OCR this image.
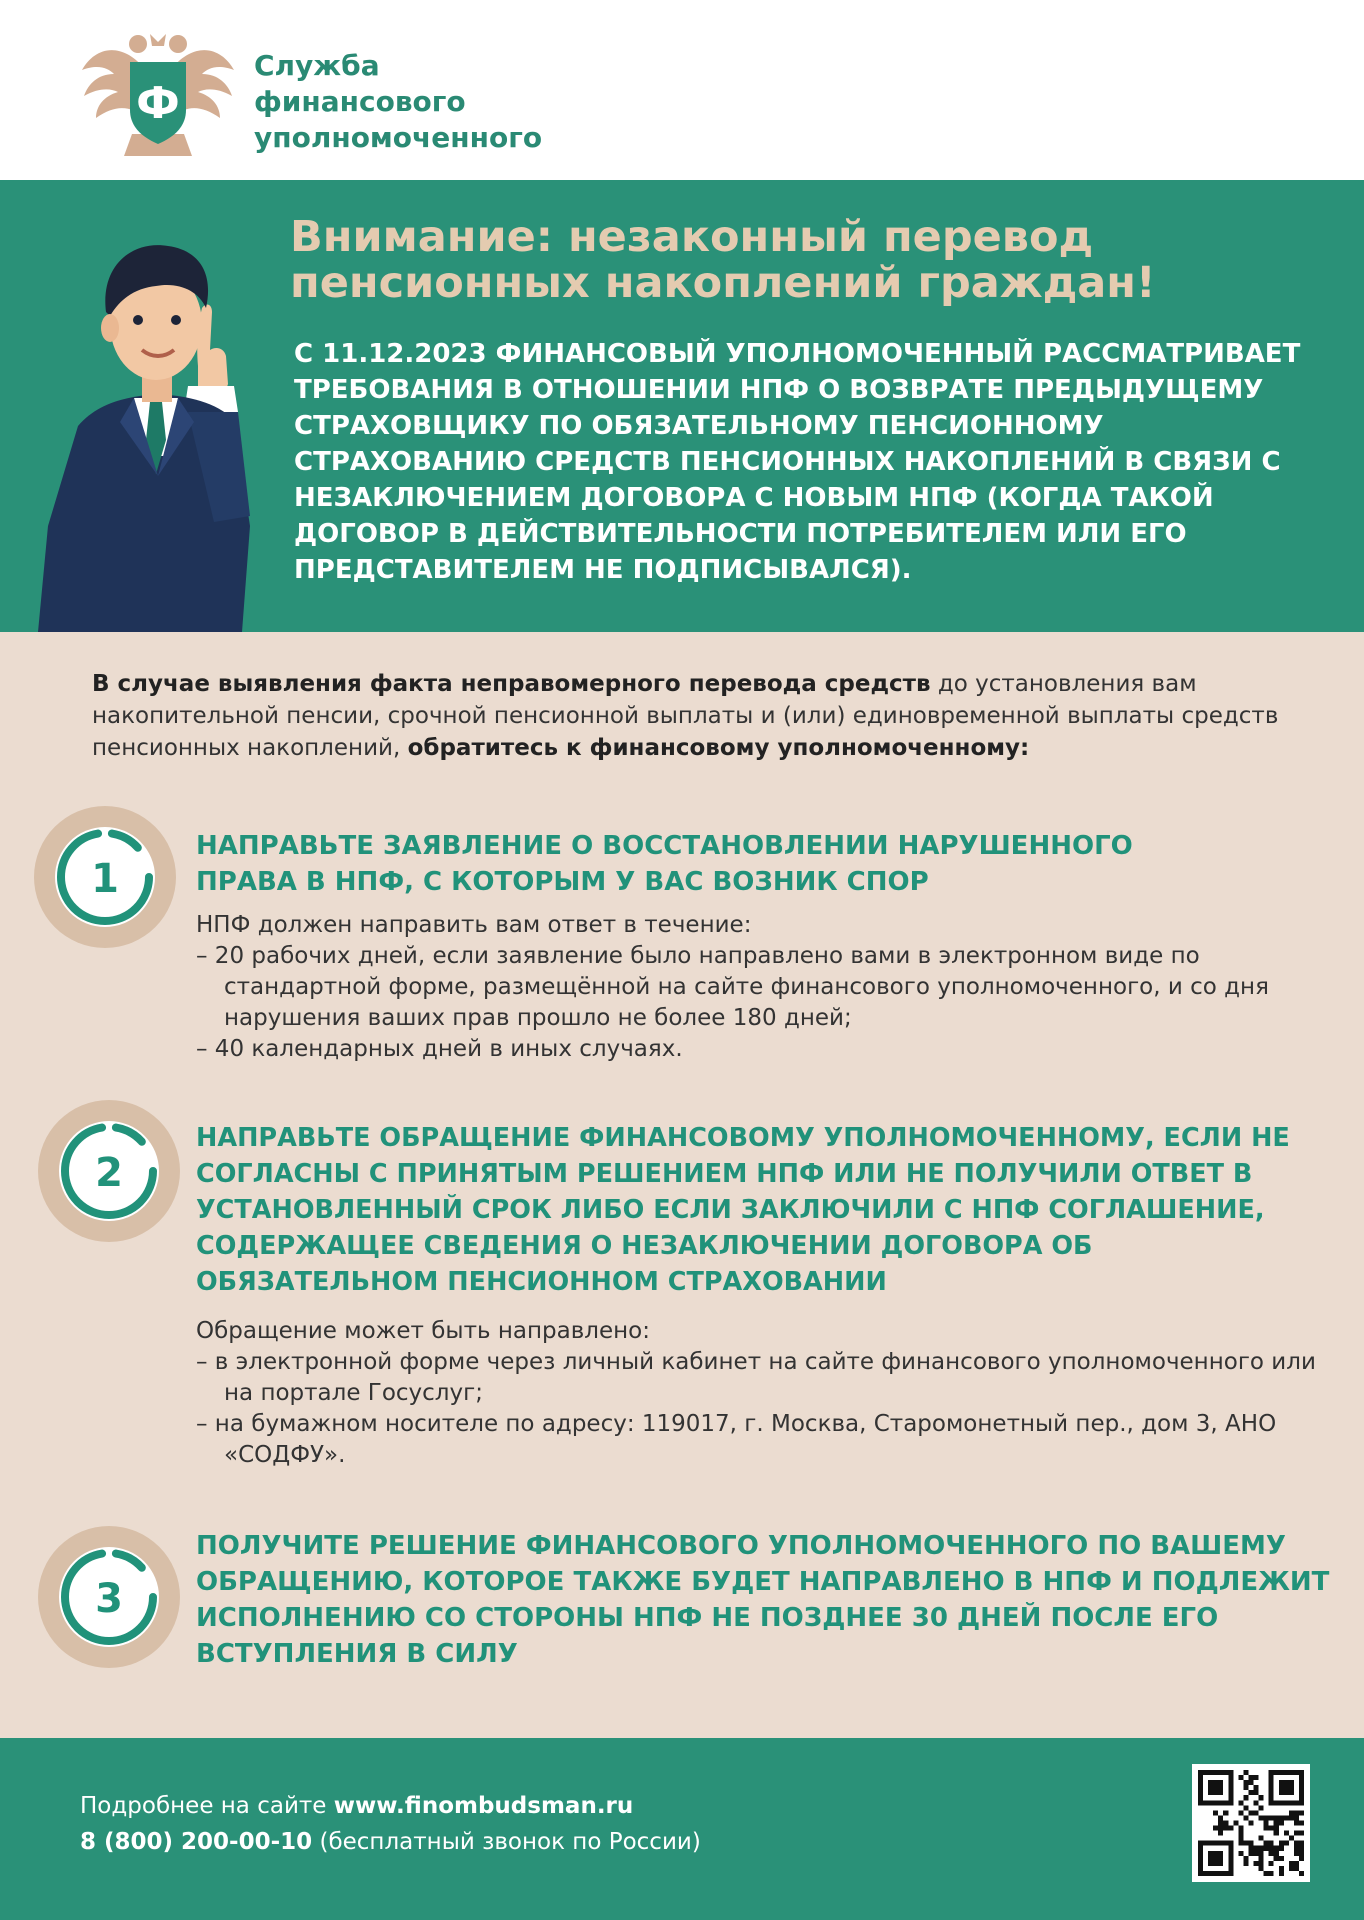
Ф
Служба
финансового
уполномоченного
Внимание: незаконный перевод
пенсионных накоплений граждан!
С 11.12.2023 ФИНАНСОВЫЙ УПОЛНОМОЧЕННЫЙ РАССМАТРИВАЕТ ТРЕБОВАНИЯ В ОТНОШЕНИИ НПФ О ВОЗВРАТЕ ПРЕДЫДУЩЕМУ СТРАХОВЩИКУ ПО ОБЯЗАТЕЛЬНОМУ ПЕНСИОННОМУ СТРАХОВАНИЮ СРЕДСТВ ПЕНСИОННЫХ НАКОПЛЕНИЙ В СВЯЗИ С НЕЗАКЛЮЧЕНИЕМ ДОГОВОРА С НОВЫМ НПФ (КОГДА ТАКОЙ ДОГОВОР В ДЕЙСТВИТЕЛЬНОСТИ ПОТРЕБИТЕЛЕМ ИЛИ ЕГО ПРЕДСТАВИТЕЛЕМ НЕ ПОДПИСЫВАЛСЯ).
В случае выявления факта неправомерного перевода средств до установления вам накопительной пенсии, срочной пенсионной выплаты и (или) единовременной выплаты средств пенсионных накоплений, обратитесь к финансовому уполномоченному:
1
НАПРАВЬТЕ ЗАЯВЛЕНИЕ О ВОССТАНОВЛЕНИИ НАРУШЕННОГО ПРАВА В НПФ, С КОТОРЫМ У ВАС ВОЗНИК СПОР
НПФ должен направить вам ответ в течение:
– 20 рабочих дней, если заявление было направлено вами в электронном виде по стандартной форме, размещённой на сайте финансового уполномоченного, и со дня нарушения ваших прав прошло не более 180 дней;
– 40 календарных дней в иных случаях.
2
НАПРАВЬТЕ ОБРАЩЕНИЕ ФИНАНСОВОМУ УПОЛНОМОЧЕННОМУ, ЕСЛИ НЕ СОГЛАСНЫ С ПРИНЯТЫМ РЕШЕНИЕМ НПФ ИЛИ НЕ ПОЛУЧИЛИ ОТВЕТ В УСТАНОВЛЕННЫЙ СРОК ЛИБО ЕСЛИ ЗАКЛЮЧИЛИ С НПФ СОГЛАШЕНИЕ, СОДЕРЖАЩЕЕ СВЕДЕНИЯ О НЕЗАКЛЮЧЕНИИ ДОГОВОРА ОБ ОБЯЗАТЕЛЬНОМ ПЕНСИОННОМ СТРАХОВАНИИ
Обращение может быть направлено:
– в электронной форме через личный кабинет на сайте финансового уполномоченного или на портале Госуслуг;
– на бумажном носителе по адресу: 119017, г. Москва, Старомонетный пер., дом 3, АНО «СОДФУ».
3
ПОЛУЧИТЕ РЕШЕНИЕ ФИНАНСОВОГО УПОЛНОМОЧЕННОГО ПО ВАШЕМУ ОБРАЩЕНИЮ, КОТОРОЕ ТАКЖЕ БУДЕТ НАПРАВЛЕНО В НПФ И ПОДЛЕЖИТ ИСПОЛНЕНИЮ СО СТОРОНЫ НПФ НЕ ПОЗДНЕЕ 30 ДНЕЙ ПОСЛЕ ЕГО ВСТУПЛЕНИЯ В СИЛУ
Подробнее на сайте www.finombudsman.ru
8 (800) 200-00-10 (бесплатный звонок по России)
